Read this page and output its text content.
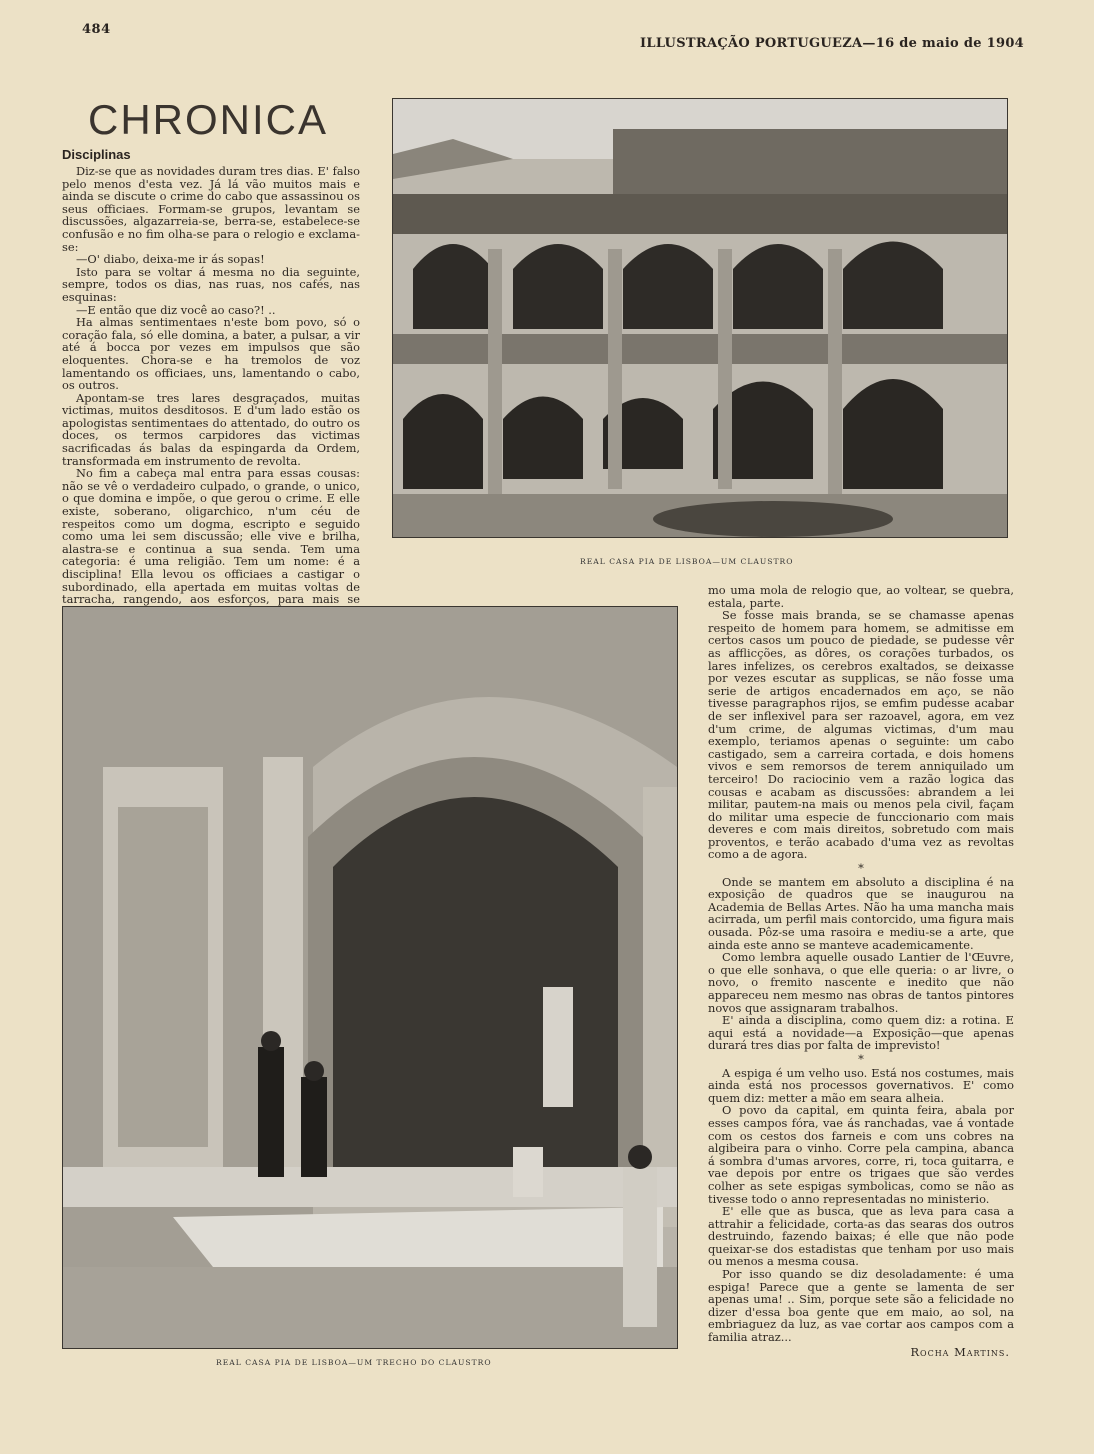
484
ILLUSTRAÇÃO PORTUGUEZA—16 de maio de 1904
CHRONICA
Disciplinas

Diz-se que as novidades duram tres dias. E' falso pelo menos d'esta vez. Já lá vão muitos mais e ainda se discute o crime do cabo que assassinou os seus officiaes. Formam-se grupos, levantam se discussões, algazarreia-se, berra-se, estabelece-se confusão e no fim olha-se para o relogio e exclama-se:

—O' diabo, deixa-me ir ás sopas!

Isto para se voltar á mesma no dia seguinte, sempre, todos os dias, nas ruas, nos cafés, nas esquinas:

—E então que diz você ao caso?! ..

Ha almas sentimentaes n'este bom povo, só o coração fala, só elle domina, a bater, a pulsar, a vir até á bocca por vezes em impulsos que são eloquentes. Chora-se e ha tremolos de voz lamentando os officiaes, uns, lamentando o cabo, os outros.

Apontam-se tres lares desgraçados, muitas victimas, muitos desditosos. E d'um lado estão os apologistas sentimentaes do attentado, do outro os doces, os termos carpidores das victimas sacrificadas ás balas da espingarda da Ordem, transformada em instrumento de revolta.

No fim a cabeça mal entra para essas cousas: não se vê o verdadeiro culpado, o grande, o unico, o que domina e impõe, o que gerou o crime. E elle existe, soberano, oligarchico, n'um céu de respeitos como um dogma, escripto e seguido como uma lei sem discussão; elle vive e brilha, alastra-se e continua a sua senda. Tem uma categoria: é uma religião. Tem um nome: é a disciplina! Ella levou os officiaes a castigar o subordinado, ella apertada em muitas voltas de tarracha, rangendo, aos esforços, para mais se

REAL CASA PIA DE LISBOA—UM CLAUSTRO
REAL CASA PIA DE LISBOA—UM TRECHO DO CLAUSTRO

mo uma mola de relogio que, ao voltear, se quebra, estala, parte.

Se fosse mais branda, se se chamasse apenas respeito de homem para homem, se admitisse em certos casos um pouco de piedade, se pudesse vêr as afflicções, as dôres, os corações turbados, os lares infelizes, os cerebros exaltados, se deixasse por vezes escutar as supplicas, se não fosse uma serie de artigos encadernados em aço, se não tivesse paragraphos rijos, se emfim pudesse acabar de ser inflexivel para ser razoavel, agora, em vez d'um crime, de algumas victimas, d'um mau exemplo, teriamos apenas o seguinte: um cabo castigado, sem a carreira cortada, e dois homens vivos e sem remorsos de terem anniquilado um terceiro! Do raciocinio vem a razão logica das cousas e acabam as discussões: abrandem a lei militar, pautem-na mais ou menos pela civil, façam do militar uma especie de funccionario com mais deveres e com mais direitos, sobretudo com mais proventos, e terão acabado d'uma vez as revoltas como a de agora.

*

Onde se mantem em absoluto a disciplina é na exposição de quadros que se inaugurou na Academia de Bellas Artes. Não ha uma mancha mais acirrada, um perfil mais contorcido, uma figura mais ousada. Pôz-se uma rasoira e mediu-se a arte, que ainda este anno se manteve academicamente.

Como lembra aquelle ousado Lantier de l'Œuvre, o que elle sonhava, o que elle queria: o ar livre, o novo, o fremito nascente e inedito que não appareceu nem mesmo nas obras de tantos pintores novos que assignaram trabalhos.

E' ainda a disciplina, como quem diz: a rotina. E aqui está a novidade—a Exposição—que apenas durará tres dias por falta de imprevisto!

*

A espiga é um velho uso. Está nos costumes, mais ainda está nos processos governativos. E' como quem diz: metter a mão em seara alheia.

O povo da capital, em quinta feira, abala por esses campos fóra, vae ás ranchadas, vae á vontade com os cestos dos farneis e com uns cobres na algibeira para o vinho. Corre pela campina, abanca á sombra d'umas arvores, corre, ri, toca guitarra, e vae depois por entre os trigaes que são verdes colher as sete espigas symbolicas, como se não as tivesse todo o anno representadas no ministerio.

E' elle que as busca, que as leva para casa a attrahir a felicidade, corta-as das searas dos outros destruindo, fazendo baixas; é elle que não pode queixar-se dos estadistas que tenham por uso mais ou menos a mesma cousa.

Por isso quando se diz desoladamente: é uma espiga! Parece que a gente se lamenta de ser apenas uma! .. Sim, porque sete são a felicidade no dizer d'essa boa gente que em maio, ao sol, na embriaguez da luz, as vae cortar aos campos com a familia atraz...

Rocha Martins.
